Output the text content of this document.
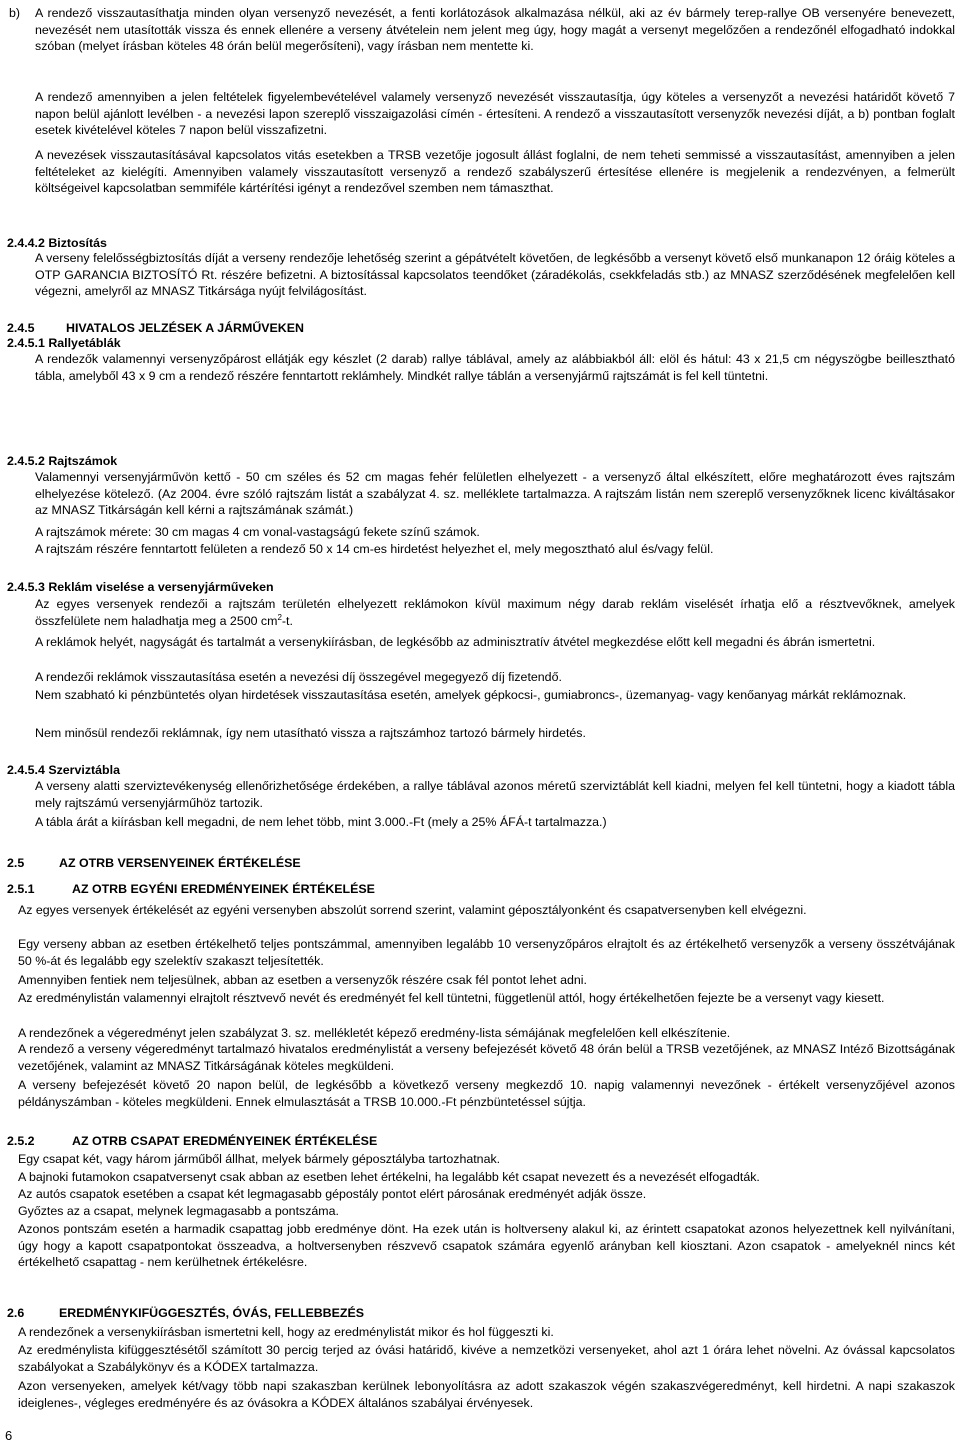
b) A rendező visszautasíthatja minden olyan versenyző nevezését, a fenti korlátozások alkalmazása nélkül, aki az év bármely terep-rallye OB versenyére benevezett, nevezését nem utasították vissza és ennek ellenére a verseny átvételein nem jelent meg úgy, hogy magát a versenyt megelőzően a rendezőnél elfogadható indokkal szóban (melyet írásban köteles 48 órán belül megerősíteni), vagy írásban nem mentette ki.

A rendező amennyiben a jelen feltételek figyelembevételével valamely versenyző nevezését visszautasítja, úgy köteles a versenyzőt a nevezési határidőt követő 7 napon belül ajánlott levélben - a nevezési lapon szereplő visszaigazolási címén - értesíteni. A rendező a visszautasított versenyzők nevezési díját, a b) pontban foglalt esetek kivételével köteles 7 napon belül visszafizetni.

A nevezések visszautasításával kapcsolatos vitás esetekben a TRSB vezetője jogosult állást foglalni, de nem teheti semmissé a visszautasítást, amennyiben a jelen feltételeket az kielégíti. Amennyiben valamely visszautasított versenyző a rendező szabályszerű értesítése ellenére is megjelenik a rendezvényen, a felmerült költségeivel kapcsolatban semmiféle kártérítési igényt a rendezővel szemben nem támaszthat.

2.4.4.2 Biztosítás

A verseny felelősségbiztosítás díját a verseny rendezője lehetőség szerint a gépátvételt követően, de legkésőbb a versenyt követő első munkanapon 12 óráig köteles a OTP GARANCIA BIZTOSÍTÓ Rt. részére befizetni. A biztosítással kapcsolatos teendőket (záradékolás, csekkfeladás stb.) az MNASZ szerződésének megfelelően kell végezni, amelyről az MNASZ Titkársága nyújt felvilágosítást.

2.4.5	HIVATALOS JELZÉSEK A JÁRMŰVEKEN
2.4.5.1 Rallyetáblák

A rendezők valamennyi versenyzőpárost ellátják egy készlet (2 darab) rallye táblával, amely az alábbiakból áll: elöl és hátul: 43 x 21,5 cm négyszögbe beillesztható tábla, amelyből 43 x 9 cm a rendező részére fenntartott reklámhely. Mindkét rallye táblán a versenyjármű rajtszámát is fel kell tüntetni.

2.4.5.2 Rajtszámok

Valamennyi versenyjárművön kettő - 50 cm széles és 52 cm magas fehér felületlen elhelyezett - a versenyző által elkészített, előre meghatározott éves rajtszám elhelyezése kötelező. (Az 2004. évre szóló rajtszám listát a szabályzat 4. sz. melléklete tartalmazza. A rajtszám listán nem szereplő versenyzőknek licenc kiváltásakor az MNASZ Titkárságán kell kérni a rajtszámának számát.)

A rajtszámok mérete: 30 cm magas 4 cm vonal-vastagságú fekete színű számok.

A rajtszám részére fenntartott felületen a rendező 50 x 14 cm-es hirdetést helyezhet el, mely megosztható alul és/vagy felül.

2.4.5.3 Reklám viselése a versenyjárműveken

Az egyes versenyek rendezői a rajtszám területén elhelyezett reklámokon kívül maximum négy darab reklám viselését írhatja elő a résztvevőknek, amelyek összfelülete nem haladhatja meg a 2500 $cm^2-t$.

A reklámok helyét, nagyságát és tartalmát a versenykiírásban, de legkésőbb az adminisztratív átvétel megkezdése előtt kell megadni és ábrán ismertetni.

A rendezői reklámok visszautasítása esetén a nevezési díj összegével megegyező díj fizetendő.

Nem szabható ki pénzbüntetés olyan hirdetések visszautasítása esetén, amelyek gépkocsi-, gumiabroncs-, üzemanyag- vagy kenőanyag márkát reklámoznak.

Nem minősül rendezői reklámnak, így nem utasítható vissza a rajtszámhoz tartozó bármely hirdetés.

2.4.5.4 Szerviztábla

A verseny alatti szerviztevékenység ellenőrizhetősége érdekében, a rallye táblával azonos méretű szerviztáblát kell kiadni, melyen fel kell tüntetni, hogy a kiadott tábla mely rajtszámú versenyjárműhöz tartozik.

A tábla árát a kiírásban kell megadni, de nem lehet több, mint 3.000.-Ft (mely a 25% ÁFÁ-t tartalmazza.)

2.5	AZ OTRB VERSENYEINEK ÉRTÉKELÉSE
2.5.1	AZ OTRB EGYÉNI EREDMÉNYEINEK ÉRTÉKELÉSE

Az egyes versenyek értékelését az egyéni versenyben abszolút sorrend szerint, valamint géposztályonként és csapatversenyben kell elvégezni.

Egy verseny abban az esetben értékelhető teljes pontszámmal, amennyiben legalább 10 versenyzőpáros elrajtolt és az értékelhető versenyzők a verseny összétvájának 50 %-át és legalább egy szelektív szakaszt teljesítették.

Amennyiben fentiek nem teljesülnek, abban az esetben a versenyzők részére csak fél pontot lehet adni.

Az eredménylistán valamennyi elrajtolt résztvevő nevét és eredményét fel kell tüntetni, függetlenül attól, hogy értékelhetően fejezte be a versenyt vagy kiesett.

A rendezőnek a végeredményt jelen szabályzat 3. sz. mellékletét képező eredmény-lista sémájának megfelelően kell elkészítenie.

A rendező a verseny végeredményt tartalmazó hivatalos eredménylistát a verseny befejezését követő 48 órán belül a TRSB vezetőjének, az MNASZ Intéző Bizottságának vezetőjének, valamint az MNASZ Titkárságának köteles megküldeni.

A verseny befejezését követő 20 napon belül, de legkésőbb a következő verseny megkezdő 10. napig valamennyi nevezőnek - értékelt versenyzőjével azonos példányszámban - köteles megküldeni. Ennek elmulasztását a TRSB 10.000.-Ft pénzbüntetéssel sújtja.

2.5.2	AZ OTRB CSAPAT EREDMÉNYEINEK ÉRTÉKELÉSE

Egy csapat két, vagy három járműből állhat, melyek bármely géposztályba tartozhatnak.

A bajnoki futamokon csapatversenyt csak abban az esetben lehet értékelni, ha legalább két csapat nevezett és a nevezését elfogadták.

Az autós csapatok esetében a csapat két legmagasabb gépostály pontot elért párosának eredményét adják össze.

Győztes az a csapat, melynek legmagasabb a pontszáma.

Azonos pontszám esetén a harmadik csapattag jobb eredménye dönt. Ha ezek után is holtverseny alakul ki, az érintett csapatokat azonos helyezettnek kell nyilvánítani, úgy hogy a kapott csapatpontokat összeadva, a holtversenyben részvevő csapatok számára egyenlő arányban kell kiosztani. Azon csapatok - amelyeknél nincs két értékelhető csapattag - nem kerülhetnek értékelésre.

2.6	EREDMÉNYKIFÜGGESZTÉS, ÓVÁS, FELLEBBEZÉS

A rendezőnek a versenykiírásban ismertetni kell, hogy az eredménylistát mikor és hol függeszti ki.

Az eredménylista kifüggesztésétől számított 30 percig terjed az óvási határidő, kivéve a nemzetközi versenyeket, ahol azt 1 órára lehet növelni. Az óvással kapcsolatos szabályokat a Szabálykönyv és a KÓDEX tartalmazza.

Azon versenyeken, amelyek két/vagy több napi szakaszban kerülnek lebonyolításra az adott szakaszok végén szakaszvégeredményt, kell hirdetni. A napi szakaszok ideiglenes-, végleges eredményére és az óvásokra a KÓDEX általános szabályai érvényesek.

6
